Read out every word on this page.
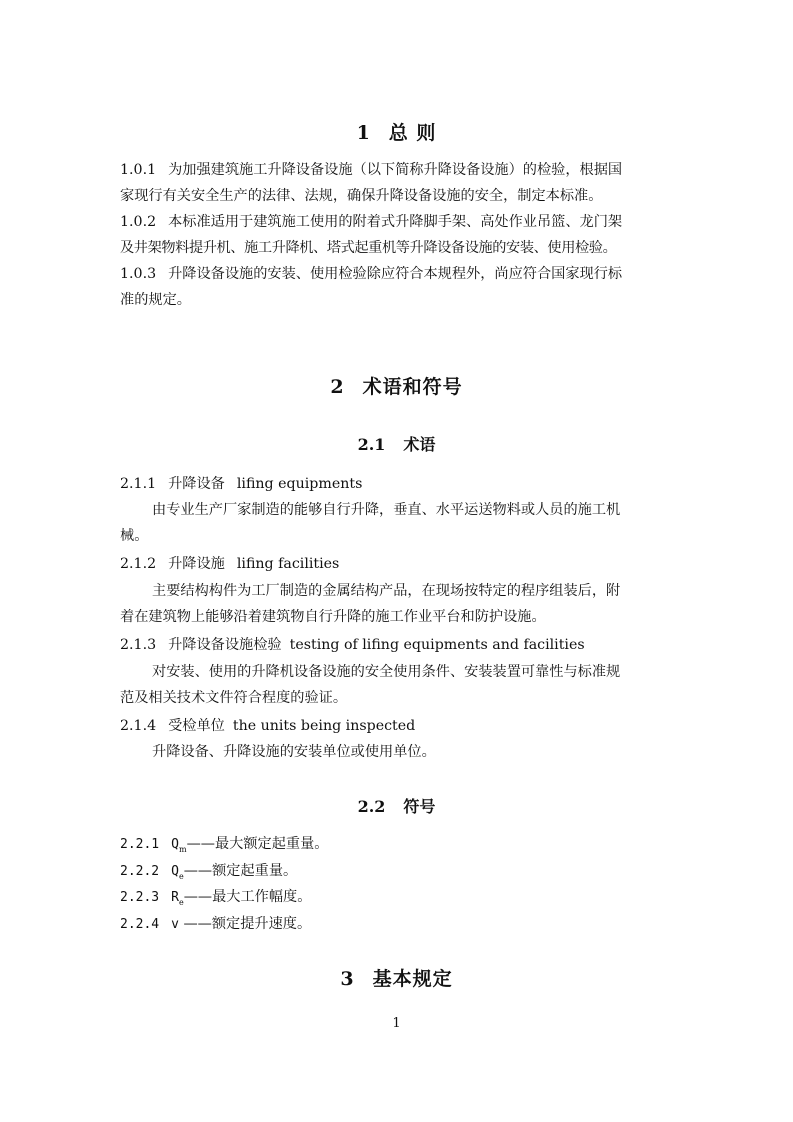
1 总 则
1.0.1 为加强建筑施工升降设备设施（以下简称升降设备设施）的检验，根据国
家现行有关安全生产的法律、法规，确保升降设备设施的安全，制定本标准。
1.0.2 本标准适用于建筑施工使用的附着式升降脚手架、高处作业吊篮、龙门架
及井架物料提升机、施工升降机、塔式起重机等升降设备设施的安装、使用检验。
1.0.3 升降设备设施的安装、使用检验除应符合本规程外，尚应符合国家现行标
准的规定。
2 术语和符号
2.1 术语
2.1.1 升降设备 lifing equipments
由专业生产厂家制造的能够自行升降，垂直、水平运送物料或人员的施工机
械。
2.1.2 升降设施 lifing facilities
主要结构构件为工厂制造的金属结构产品，在现场按特定的程序组装后，附
着在建筑物上能够沿着建筑物自行升降的施工作业平台和防护设施。
2.1.3 升降设备设施检验 testing of lifing equipments and facilities
对安装、使用的升降机设备设施的安全使用条件、安装装置可靠性与标准规
范及相关技术文件符合程度的验证。
2.1.4 受检单位 the units being inspected
升降设备、升降设施的安装单位或使用单位。
2.2 符号
2.2.1 $Q_m——$最大额定起重量。
2.2.2 $Q_e——$额定起重量。
2.2.3 $R_e——$最大工作幅度。
2.2.4 v ——额定提升速度。
3 基本规定
1
